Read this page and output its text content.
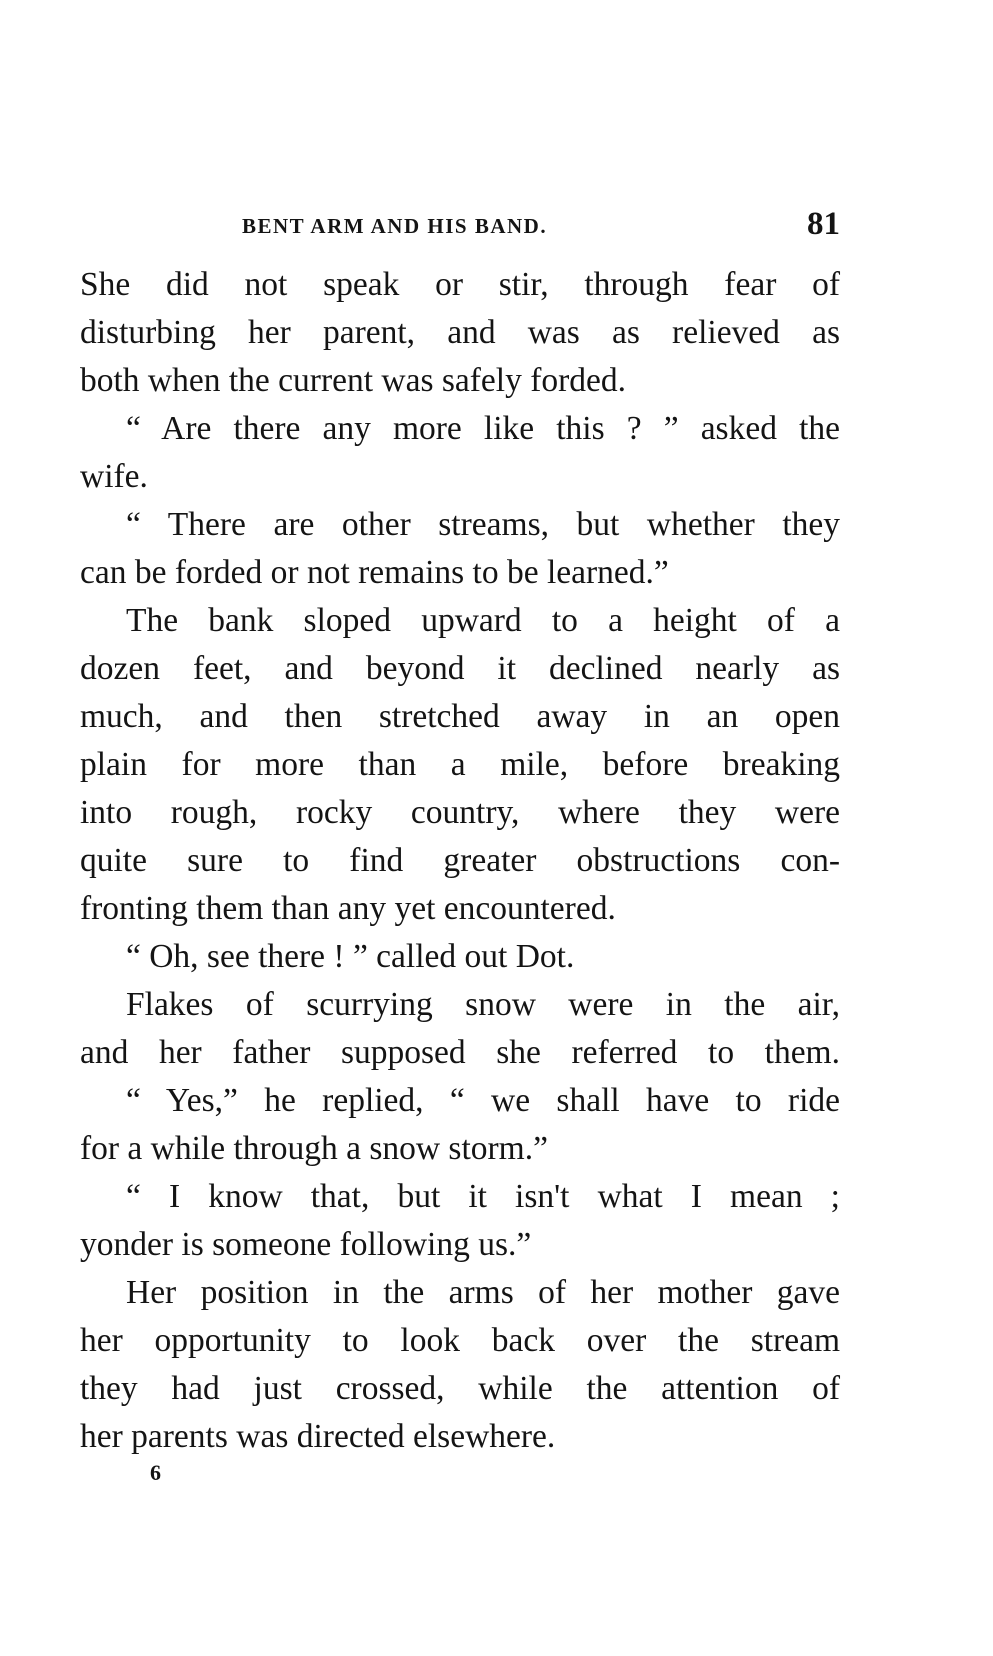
BENT ARM AND HIS BAND.	81
She did not speak or stir, through fear of
disturbing her parent, and was as relieved as
both when the current was safely forded.
“ Are there any more like this ? ” asked the
wife.
“ There are other streams, but whether they
can be forded or not remains to be learned.”
The bank sloped upward to a height of a
dozen feet, and beyond it declined nearly as
much, and then stretched away in an open
plain for more than a mile, before breaking
into rough, rocky country, where they were
quite sure to find greater obstructions con-
fronting them than any yet encountered.
“ Oh, see there ! ” called out Dot.
Flakes of scurrying snow were in the air,
and her father supposed she referred to them.
“ Yes,” he replied, “ we shall have to ride
for a while through a snow storm.”
“ I know that, but it isn't what I mean ;
yonder is someone following us.”
Her position in the arms of her mother gave
her opportunity to look back over the stream
they had just crossed, while the attention of
her parents was directed elsewhere.
6
